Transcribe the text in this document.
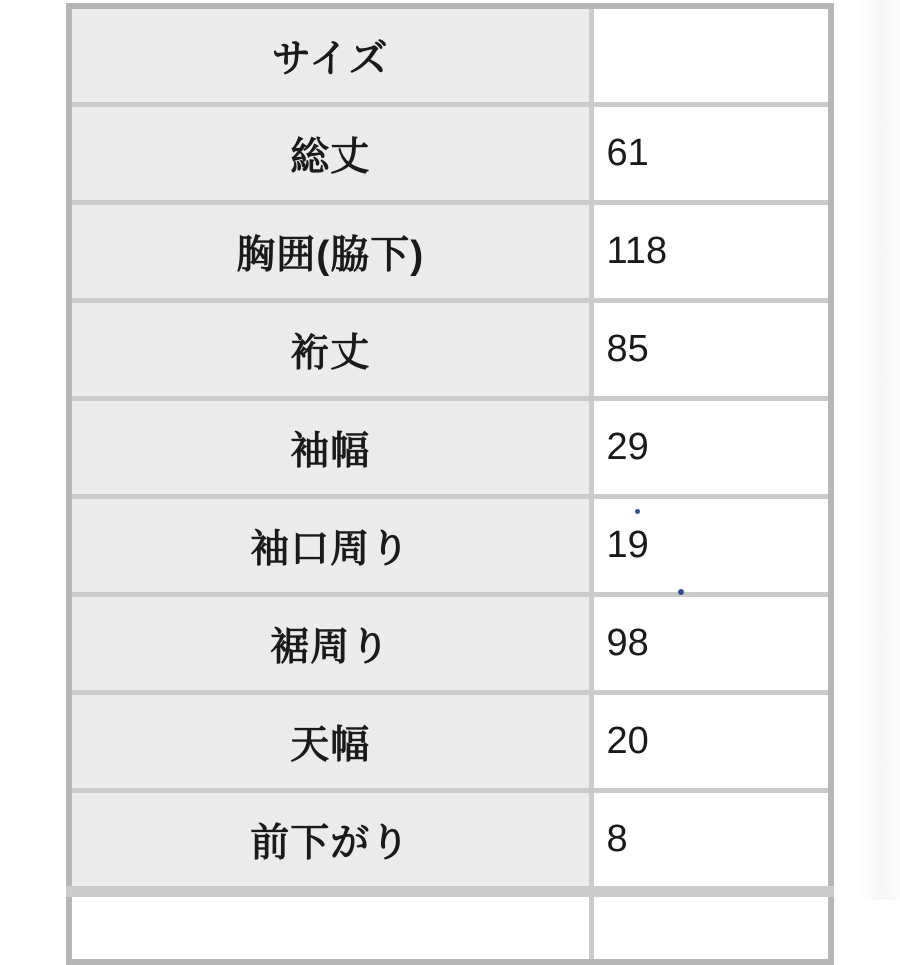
サイズ	
総丈	61
胸囲(脇下)	118
裄丈	85
袖幅	29
袖口周り	19
裾周り	98
天幅	20
前下がり	8
